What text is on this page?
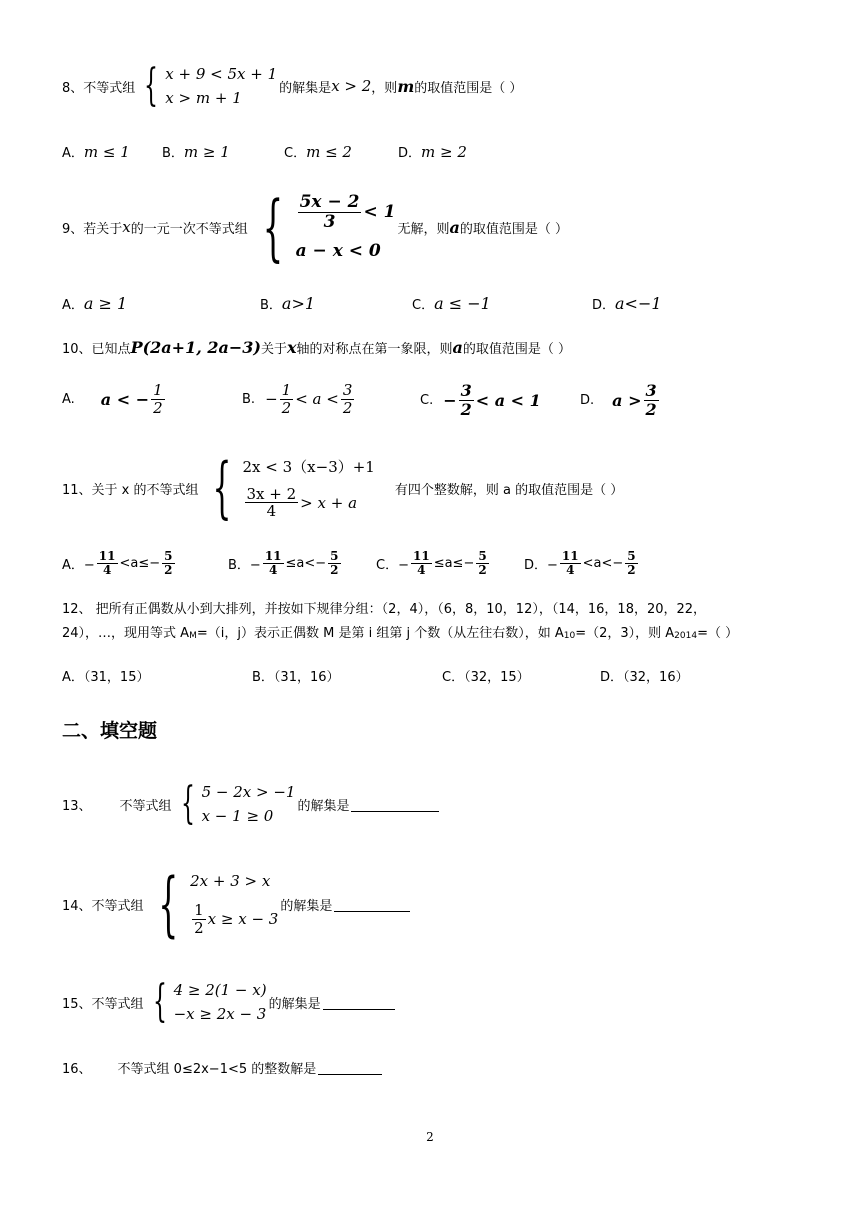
8、 不等式组 { x + 9 < 5x + 1
x > m + 1
的解集是 x > 2 ，则 m 的取值范围是（ ）
A． m ≤ 1 B． m ≥ 1	C． m ≤ 2	D． m ≥ 2
9、 若关于 x 的一元一次不等式组 { $\frac{5x - 2}{3} < 1$
a − x < 0
无解，则 a 的取值范围是（ ）
A． a ≥ 1	B． a>1	C． a ≤ −1	D． a<−1
10、 已知点 P(2a+1, 2a−3) 关于 x 轴的对称点在第一象限，则 a 的取值范围是（ ）
A. a < − $\frac{1}{2}$	B. − $\frac{1}{2} < a < \frac{3}{2}$	C. − $\frac{3}{2} < a < 1$	D. $a > \frac{3}{2}$
11、 关于 x 的不等式组 { 2x < 3（x−3）+1
$\frac{3x + 2}{4} > x + a$
有四个整数解，则 a 的取值范围是（ ）
A．− $\frac{11}{4} <a\le- \frac{5}{2}$	B．− $\frac{11}{4} \le a<- \frac{5}{2}$	C．− $\frac{11}{4} \le a\le- \frac{5}{2}$	D．− $\frac{11}{4} <a<- \frac{5}{2}$
12、 把所有正偶数从小到大排列，并按如下规律分组：（2，4），（6，8，10，12），（14，16，18，20，22，
24），…，现用等式 A M =（i，j）表示正偶数 M 是第 i 组第 j 个数（从左往右数），如 A 10 =（2，3），则 A 2014 =（ ）
A．（31，15）	B．（31，16）	C．（32，15）	D．（32，16）
二、填空题
13、 不等式组 { 5 − 2x > −1
x − 1 ≥ 0
的解集是
14、 不等式组 { 2x + 3 > x
$\frac{1}{2}$ x ≥ x − 3
的解集是
15、 不等式组 { 4 ≥ 2(1 − x)
−x ≥ 2x − 3
的解集是
16、 不等式组 0≤2x−1<5 的整数解是
2
